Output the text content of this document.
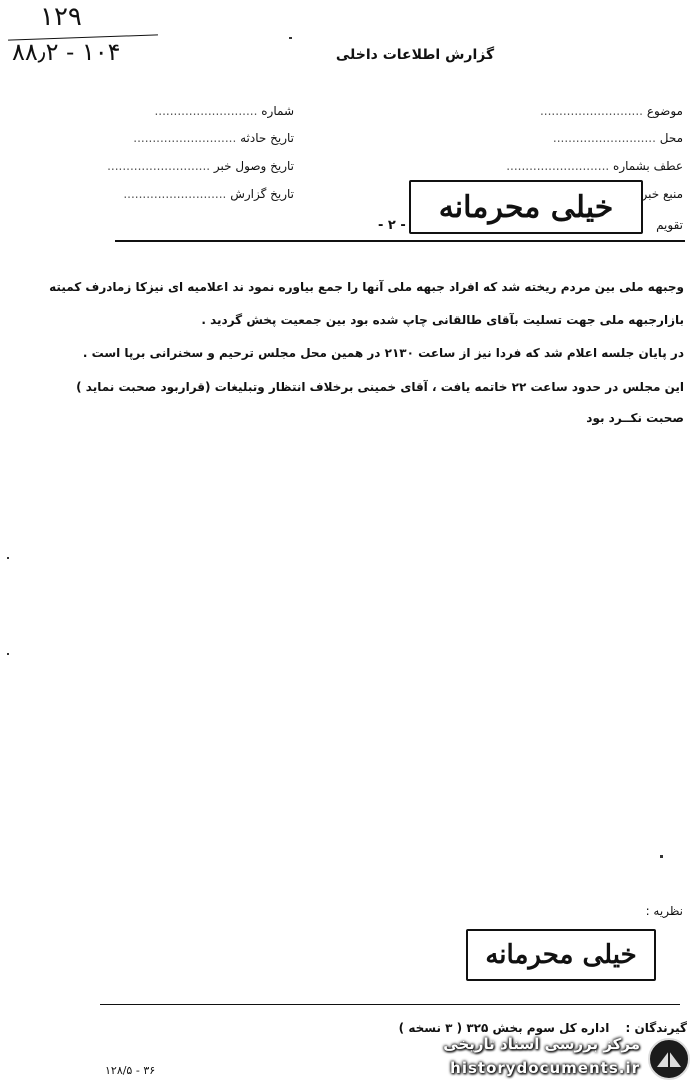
۱۲۹
۱۰۴ - ۸۸٫۲	گزارش اطلاعات داخلی
شماره ...........................
تاریخ حادثه ...........................
تاریخ وصول خبر ...........................
تاریخ گزارش ...........................
موضوع ...........................
محل ...........................
عطف بشماره ...........................
منبع خبر
تقویم
- ۲ -
خیلی محرمانه
وجبهه ملی بین مردم ریخته شد که افراد جبهه ملی آنها را جمع بیاوره نمود ند اعلامیه ای نیزکا زمادرف کمیته
بازارجبهه ملی جهت تسلیت بآقای طالقانی چاپ شده بود بین جمعیت پخش گردید .
در پایان جلسه اعلام شد که فردا نیز از ساعت ۲۱۳۰ در همین محل مجلس ترحیم و سخنرانی برپا است .
این مجلس در حدود ساعت ۲۲ خاتمه یافت ، آقای خمینی برخلاف انتظار وتبلیغات (قراربود صحبت نماید )
صحبت نکــرد بود
نظریه :
خیلی محرمانه
گیرندگان : اداره کل سوم بخش ۳۲۵ ( ۳ نسخه )
۳۶ - ۱۲۸/۵
مرکز بررسی اسناد تاریخی
historydocuments.ir
